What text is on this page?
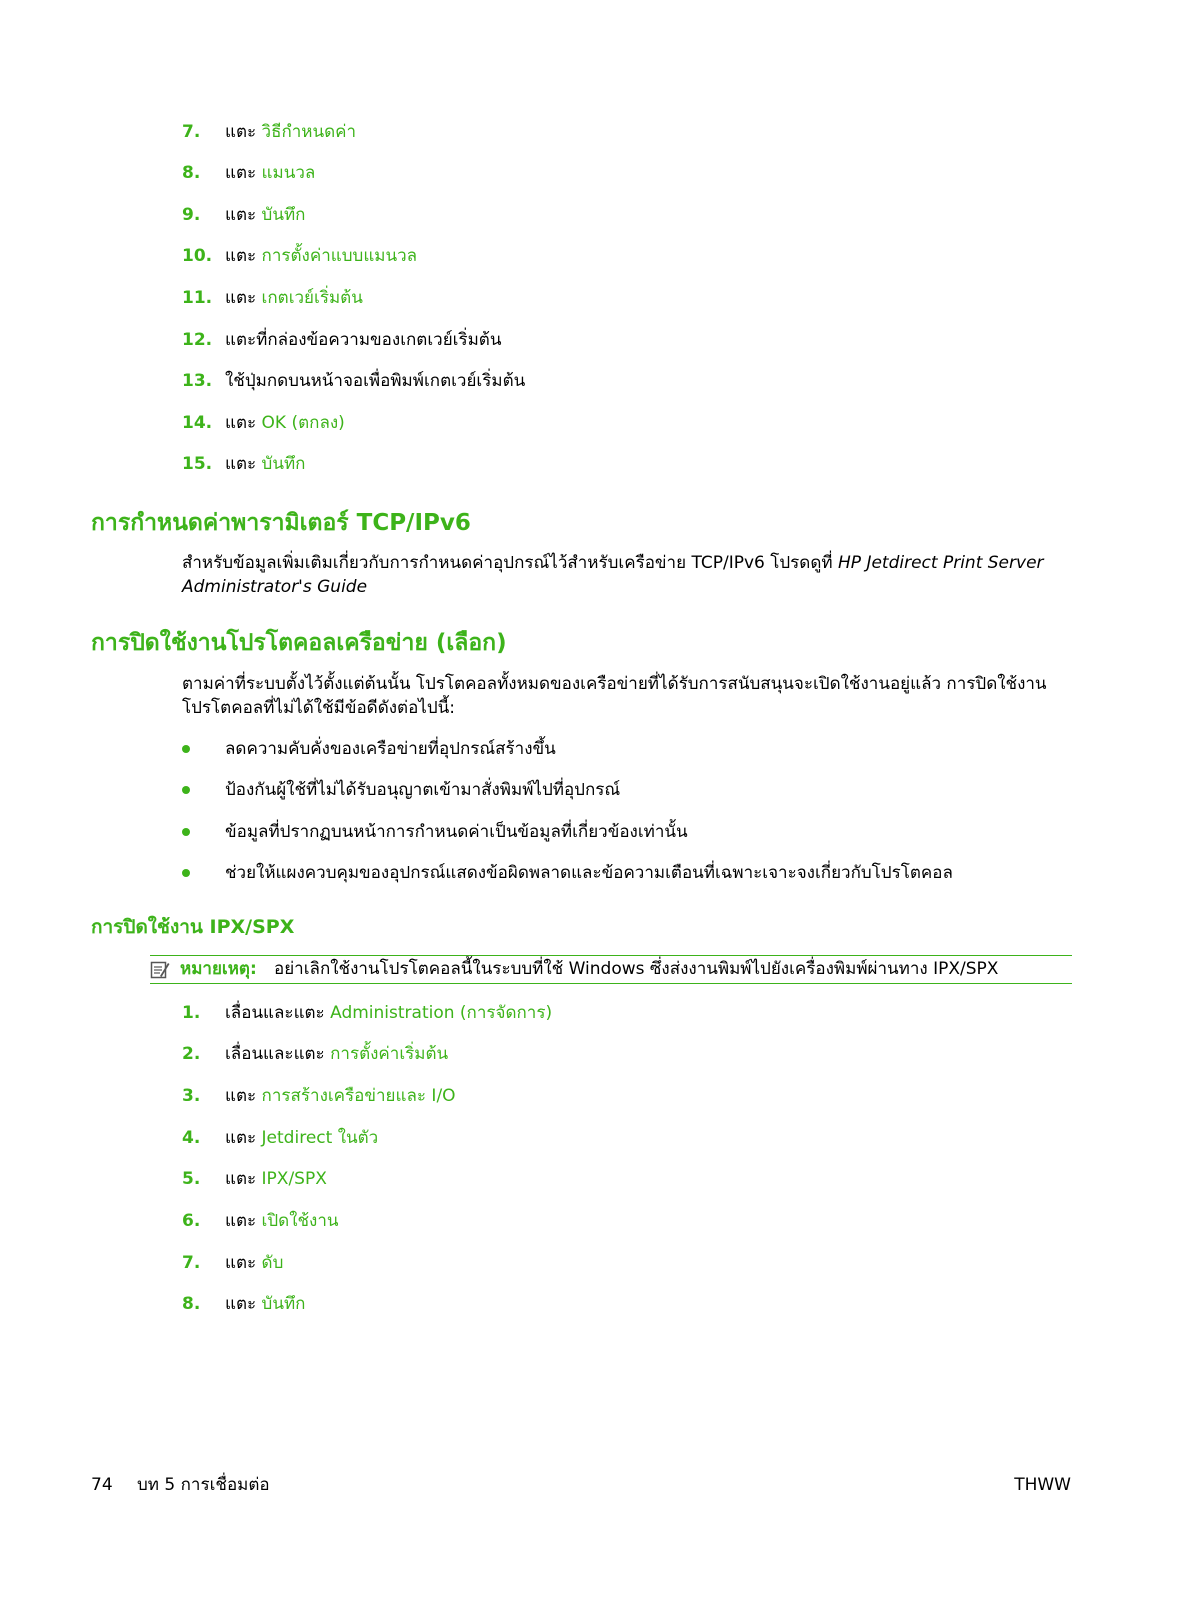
7.	แตะ วิธีกำหนดค่า
8.	แตะ แมนวล
9.	แตะ บันทึก
10. แตะ การตั้งค่าแบบแมนวล
11. แตะ เกตเวย์เริ่มต้น
12. แตะที่กล่องข้อความของเกตเวย์เริ่มต้น
13. ใช้ปุ่มกดบนหน้าจอเพื่อพิมพ์เกตเวย์เริ่มต้น
14. แตะ OK (ตกลง)
15. แตะ บันทึก
การกำหนดค่าพารามิเตอร์ TCP/IPv6
สำหรับข้อมูลเพิ่มเติมเกี่ยวกับการกำหนดค่าอุปกรณ์ไว้สำหรับเครือข่าย TCP/IPv6 โปรดดูที่ HP Jetdirect Print Server Administrator's Guide
การปิดใช้งานโปรโตคอลเครือข่าย (เลือก)
ตามค่าที่ระบบตั้งไว้ตั้งแต่ต้นนั้น โปรโตคอลทั้งหมดของเครือข่ายที่ได้รับการสนับสนุนจะเปิดใช้งานอยู่แล้ว การปิดใช้งานโปรโตคอลที่ไม่ได้ใช้มีข้อดีดังต่อไปนี้:
ลดความคับคั่งของเครือข่ายที่อุปกรณ์สร้างขึ้น
ป้องกันผู้ใช้ที่ไม่ได้รับอนุญาตเข้ามาสั่งพิมพ์ไปที่อุปกรณ์
ข้อมูลที่ปรากฏบนหน้าการกำหนดค่าเป็นข้อมูลที่เกี่ยวข้องเท่านั้น
ช่วยให้แผงควบคุมของอุปกรณ์แสดงข้อผิดพลาดและข้อความเตือนที่เฉพาะเจาะจงเกี่ยวกับโปรโตคอล
การปิดใช้งาน IPX/SPX
หมายเหตุ: อย่าเลิกใช้งานโปรโตคอลนี้ในระบบที่ใช้ Windows ซึ่งส่งงานพิมพ์ไปยังเครื่องพิมพ์ผ่านทาง IPX/SPX
1.	เลื่อนและแตะ Administration (การจัดการ)
2.	เลื่อนและแตะ การตั้งค่าเริ่มต้น
3.	แตะ การสร้างเครือข่ายและ I/O
4.	แตะ Jetdirect ในตัว
5.	แตะ IPX/SPX
6.	แตะ เปิดใช้งาน
7.	แตะ ดับ
8.	แตะ บันทึก
74 บท 5 การเชื่อมต่อ	THWW
